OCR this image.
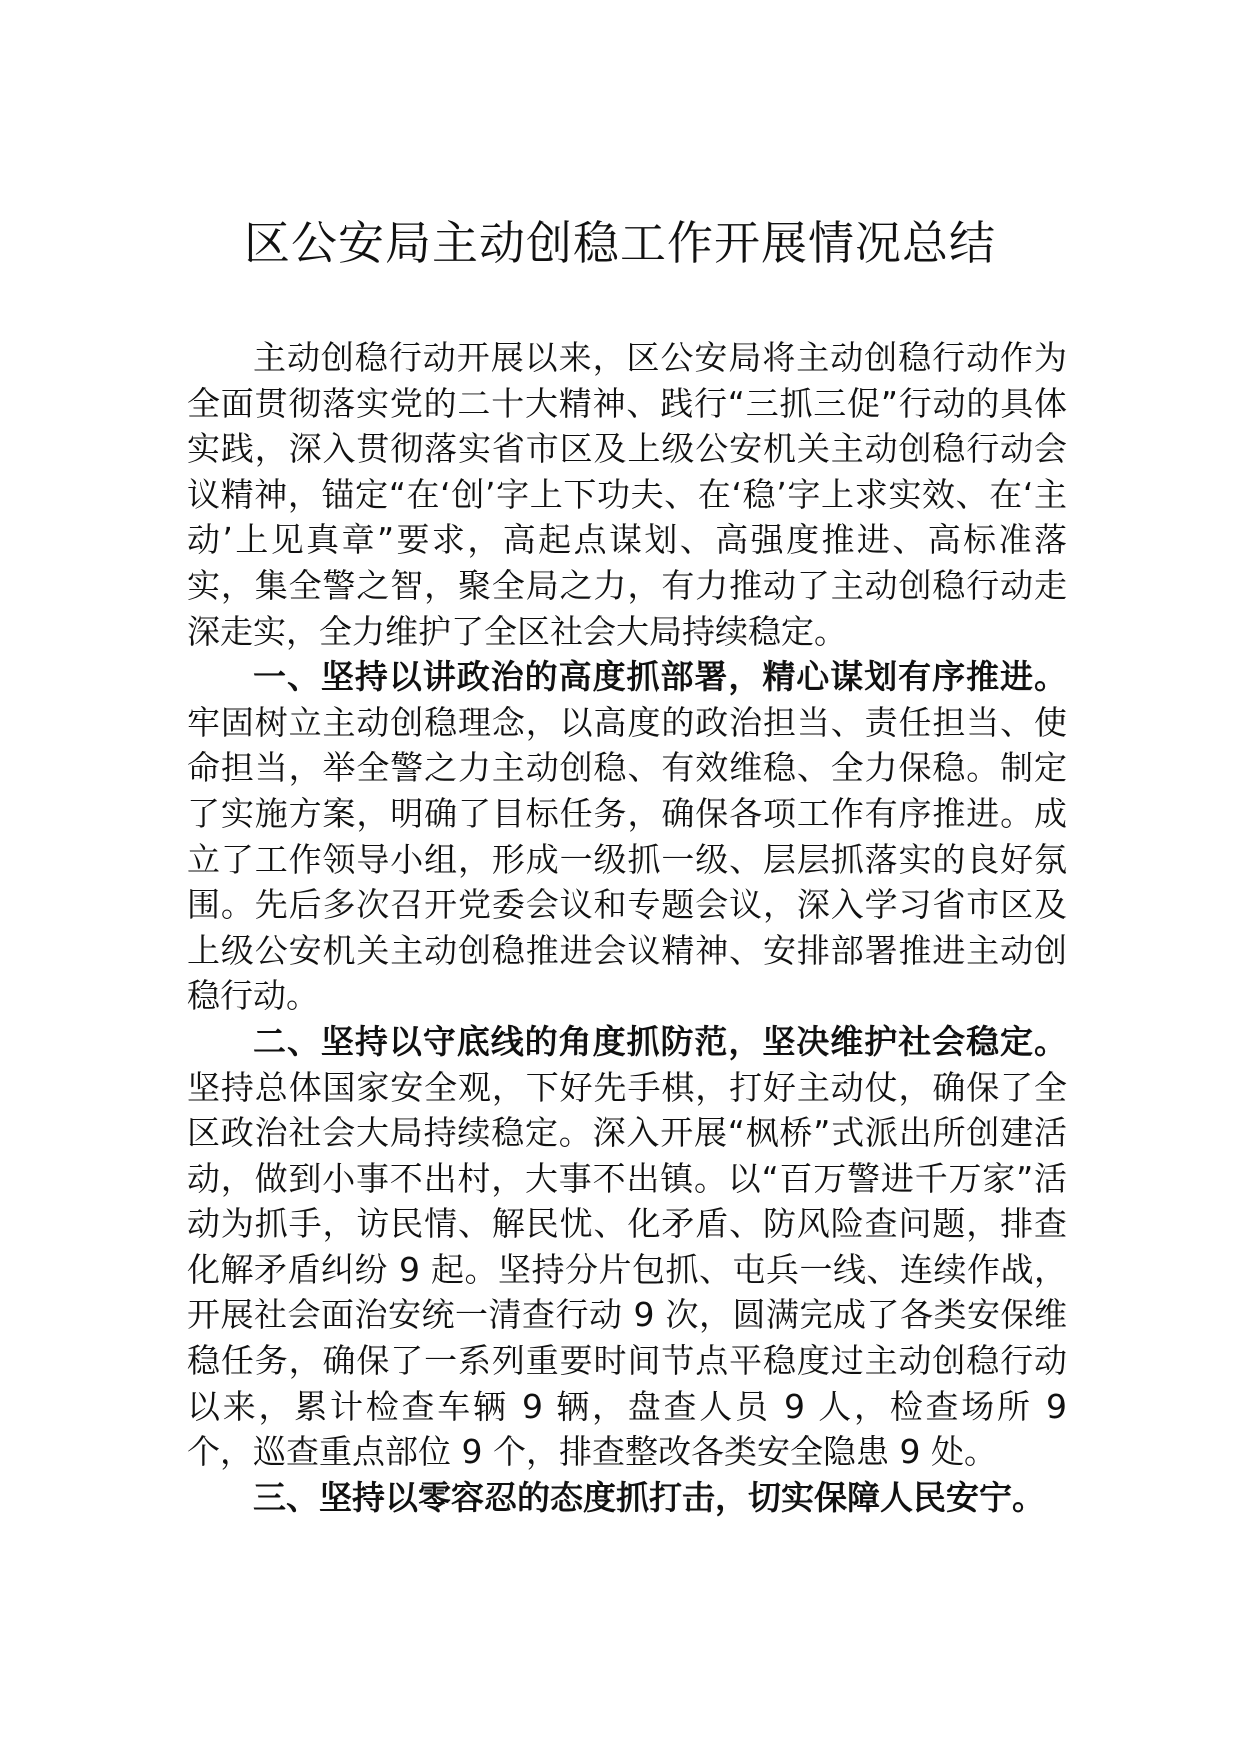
区公安局主动创稳工作开展情况总结

主动创稳行动开展以来，区公安局将主动创稳行动作为全面贯彻落实党的二十大精神、践行“三抓三促”行动的具体实践，深入贯彻落实省市区及上级公安机关主动创稳行动会议精神，锚定“在‘创’字上下功夫、在‘稳’字上求实效、在‘主动’上见真章”要求，高起点谋划、高强度推进、高标准落实，集全警之智，聚全局之力，有力推动了主动创稳行动走深走实，全力维护了全区社会大局持续稳定。

一、坚持以讲政治的高度抓部署，精心谋划有序推进。牢固树立主动创稳理念，以高度的政治担当、责任担当、使命担当，举全警之力主动创稳、有效维稳、全力保稳。制定了实施方案，明确了目标任务，确保各项工作有序推进。成立了工作领导小组，形成一级抓一级、层层抓落实的良好氛围。先后多次召开党委会议和专题会议，深入学习省市区及上级公安机关主动创稳推进会议精神、安排部署推进主动创稳行动。

二、坚持以守底线的角度抓防范，坚决维护社会稳定。坚持总体国家安全观，下好先手棋，打好主动仗，确保了全区政治社会大局持续稳定。深入开展“枫桥”式派出所创建活动，做到小事不出村，大事不出镇。以“百万警进千万家”活动为抓手，访民情、解民忧、化矛盾、防风险查问题，排查化解矛盾纠纷 9 起。坚持分片包抓、屯兵一线、连续作战，开展社会面治安统一清查行动 9 次，圆满完成了各类安保维稳任务，确保了一系列重要时间节点平稳度过主动创稳行动以来，累计检查车辆 9 辆，盘查人员 9 人，检查场所 9 个，巡查重点部位 9 个，排查整改各类安全隐患 9 处。

三、坚持以零容忍的态度抓打击，切实保障人民安宁。
